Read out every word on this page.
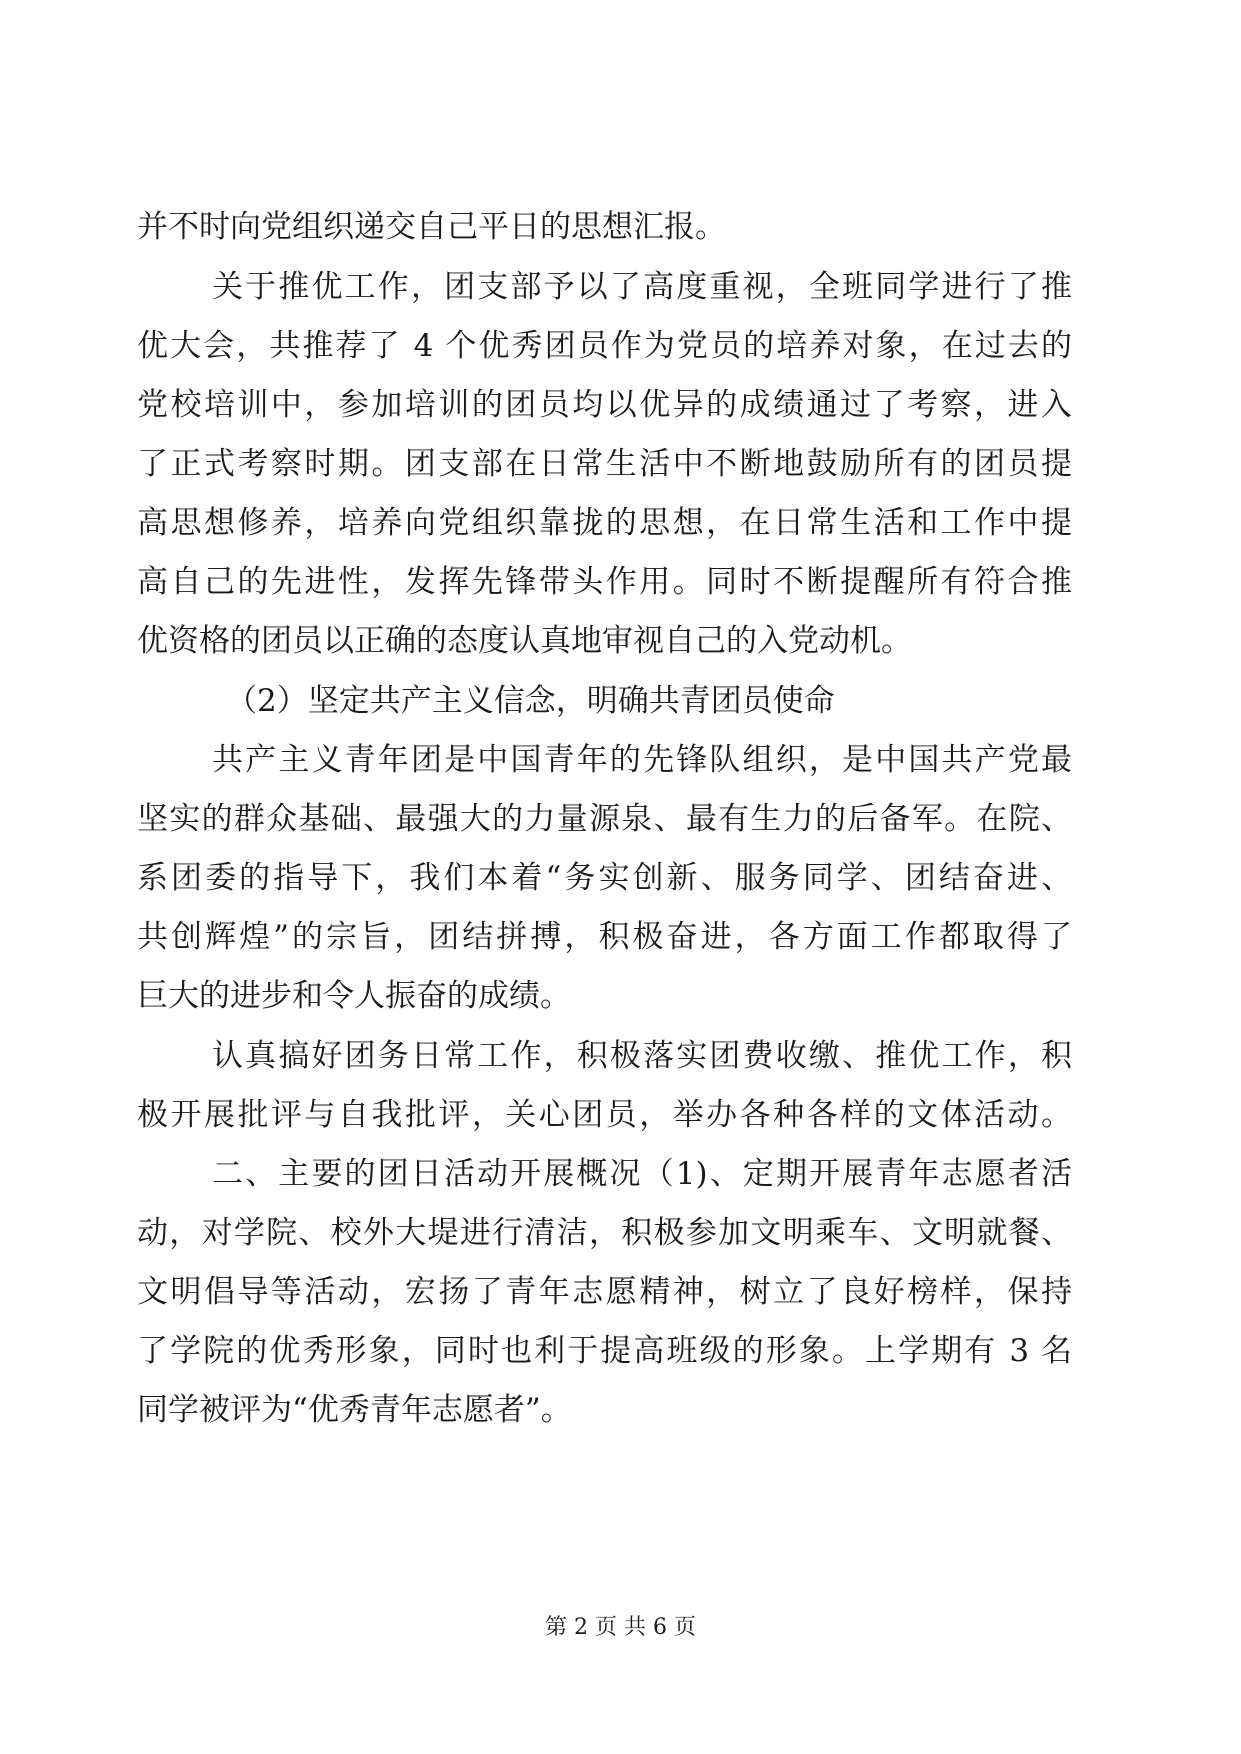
并不时向党组织递交自己平日的思想汇报。
关于推优工作，团支部予以了高度重视，全班同学进行了推
优大会，共推荐了 4 个优秀团员作为党员的培养对象，在过去的
党校培训中，参加培训的团员均以优异的成绩通过了考察，进入
了正式考察时期。团支部在日常生活中不断地鼓励所有的团员提
高思想修养，培养向党组织靠拢的思想，在日常生活和工作中提
高自己的先进性，发挥先锋带头作用。同时不断提醒所有符合推
优资格的团员以正确的态度认真地审视自己的入党动机。
（2）坚定共产主义信念，明确共青团员使命
共产主义青年团是中国青年的先锋队组织，是中国共产党最
坚实的群众基础、最强大的力量源泉、最有生力的后备军。在院、
系团委的指导下，我们本着“务实创新、服务同学、团结奋进、
共创辉煌”的宗旨，团结拼搏，积极奋进，各方面工作都取得了
巨大的进步和令人振奋的成绩。
认真搞好团务日常工作，积极落实团费收缴、推优工作，积
极开展批评与自我批评，关心团员，举办各种各样的文体活动。
二、主要的团日活动开展概况（1)、定期开展青年志愿者活
动，对学院、校外大堤进行清洁，积极参加文明乘车、文明就餐、
文明倡导等活动，宏扬了青年志愿精神，树立了良好榜样，保持
了学院的优秀形象，同时也利于提高班级的形象。上学期有 3 名
同学被评为“优秀青年志愿者”。
第 2 页 共 6 页
